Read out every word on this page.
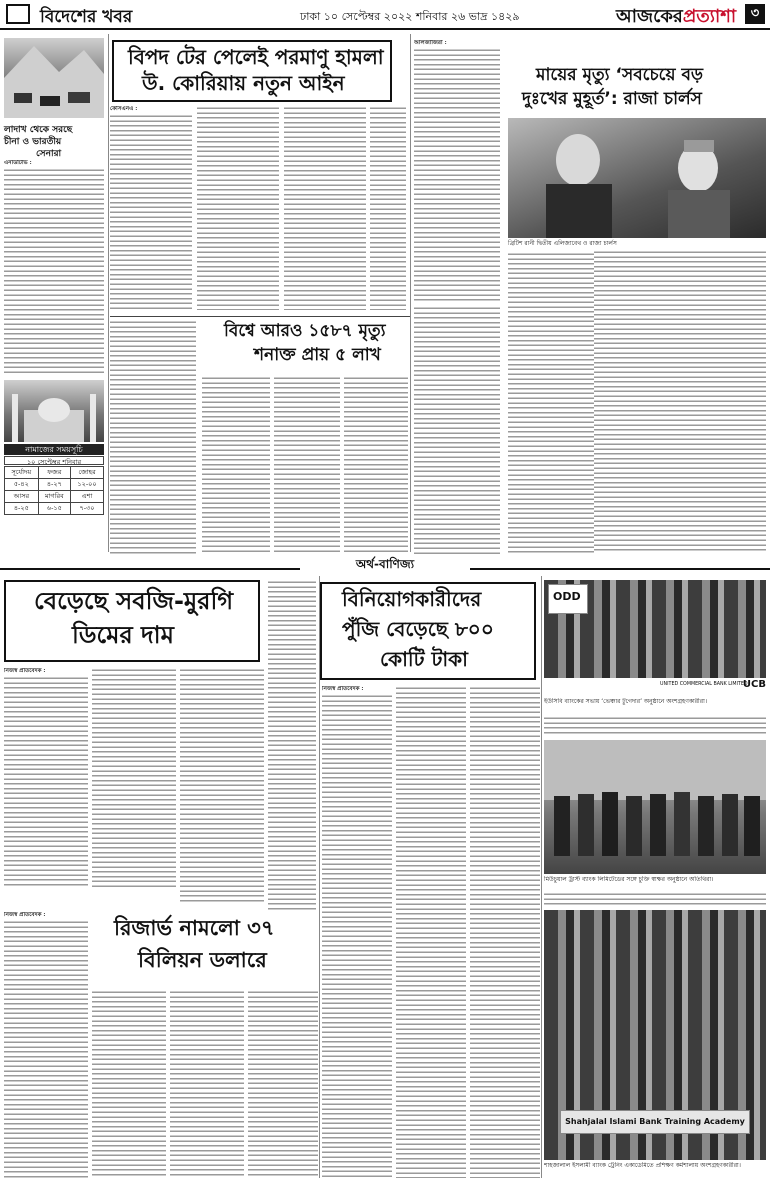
বিদেশের খবর	ঢাকা ১০ সেপ্টেম্বর ২০২২ শনিবার ২৬ ভাদ্র ১৪২৯	আজকেরপ্রত্যাশা	৩
বিপদ টের পেলেই পরমাণু হামলা
উ. কোরিয়ায় নতুন আইন
লাদাখ থেকে সরছে
চীনা ও ভারতীয়
সেনারা
এনডিটিভি :
কেসিএনএ :
আলজাজিরা :
মায়ের মৃত্যু ‘সবচেয়ে বড়
দুঃখের মুহূর্ত’: রাজা চার্লস
ব্রিটিশ রানী দ্বিতীয় এলিজাবেথ ও রাজা চার্লস
নামাজের সময়সূচি
১০ সেপ্টেম্বর শনিবার
সূর্যোদয়	ফজর	জোহর
৫-৪২	৪-২৭	১২-০০
আসর	মাগরিব	এশা
৪-২৫	৬-১৫	৭-৩০
বিশ্বে আরও ১৫৮৭ মৃত্যু
শনাক্ত প্রায় ৫ লাখ
অর্থ-বাণিজ্য
বেড়েছে সবজি-মুরগি
ডিমের দাম
নিজস্ব প্রতিবেদক :
নিজস্ব প্রতিবেদক :
রিজার্ভ নামলো ৩৭
বিলিয়ন ডলারে
বিনিয়োগকারীদের
পুঁজি বেড়েছে ৮০০
কোটি টাকা
নিজস্ব প্রতিবেদক :
ODD
UNITED COMMERCIAL BANK LIMITED
UCB
ইউসিবি ব্যাংকের সভায় ‘ভেঞ্চার টুগেদার’ অনুষ্ঠানে অংশগ্রহণকারীরা।
মিউচুয়াল ট্রাস্ট ব্যাংক লিমিটেডের সঙ্গে চুক্তি স্বাক্ষর অনুষ্ঠানে অতিথিরা।
Shahjalal Islami Bank Training Academy
শাহজালাল ইসলামী ব্যাংক ট্রেনিং একাডেমিতে প্রশিক্ষণ কর্মশালায় অংশগ্রহণকারীরা।
